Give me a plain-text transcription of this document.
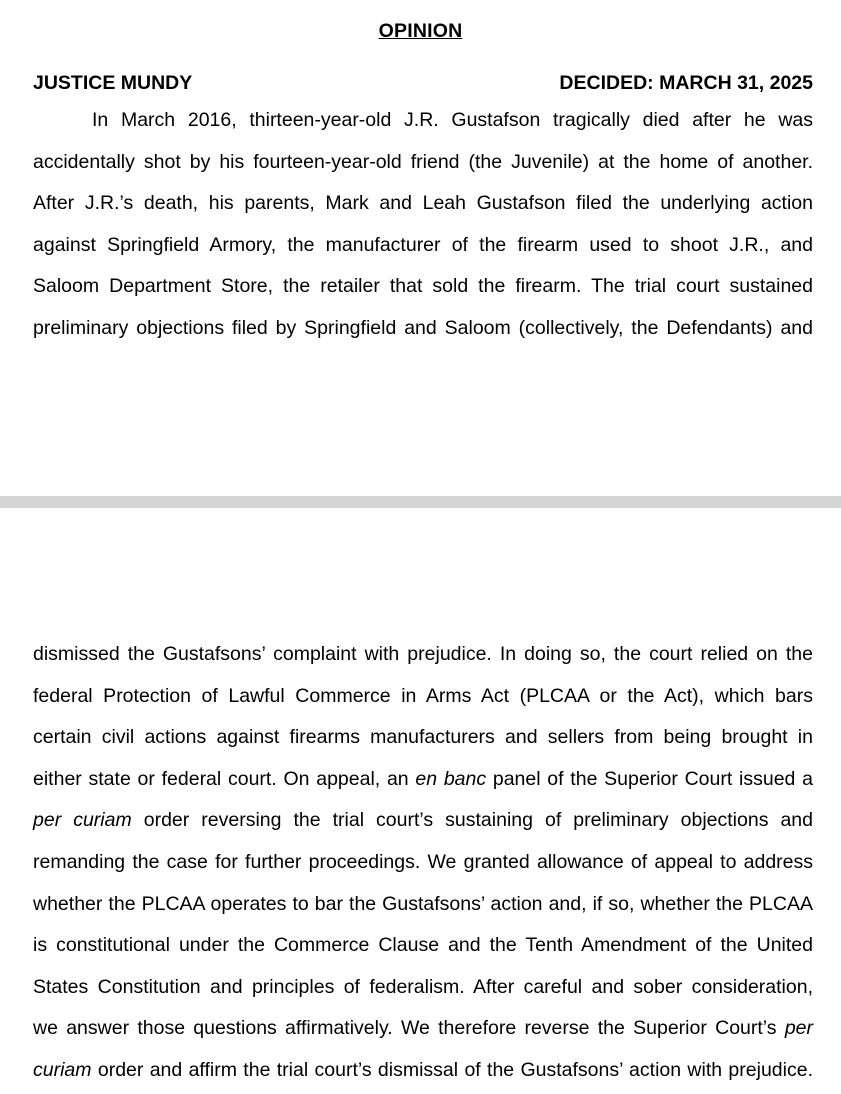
OPINION
JUSTICE MUNDY	DECIDED: MARCH 31, 2025
In March 2016, thirteen-year-old J.R. Gustafson tragically died after he was
accidentally shot by his fourteen-year-old friend (the Juvenile) at the home of another.
After J.R.’s death, his parents, Mark and Leah Gustafson filed the underlying action
against Springfield Armory, the manufacturer of the firearm used to shoot J.R., and
Saloom Department Store, the retailer that sold the firearm. The trial court sustained
preliminary objections filed by Springfield and Saloom (collectively, the Defendants) and
dismissed the Gustafsons’ complaint with prejudice. In doing so, the court relied on the
federal Protection of Lawful Commerce in Arms Act (PLCAA or the Act), which bars
certain civil actions against firearms manufacturers and sellers from being brought in
either state or federal court. On appeal, an en banc panel of the Superior Court issued a
per curiam order reversing the trial court’s sustaining of preliminary objections and
remanding the case for further proceedings. We granted allowance of appeal to address
whether the PLCAA operates to bar the Gustafsons’ action and, if so, whether the PLCAA
is constitutional under the Commerce Clause and the Tenth Amendment of the United
States Constitution and principles of federalism. After careful and sober consideration,
we answer those questions affirmatively. We therefore reverse the Superior Court’s per
curiam order and affirm the trial court’s dismissal of the Gustafsons’ action with prejudice.
